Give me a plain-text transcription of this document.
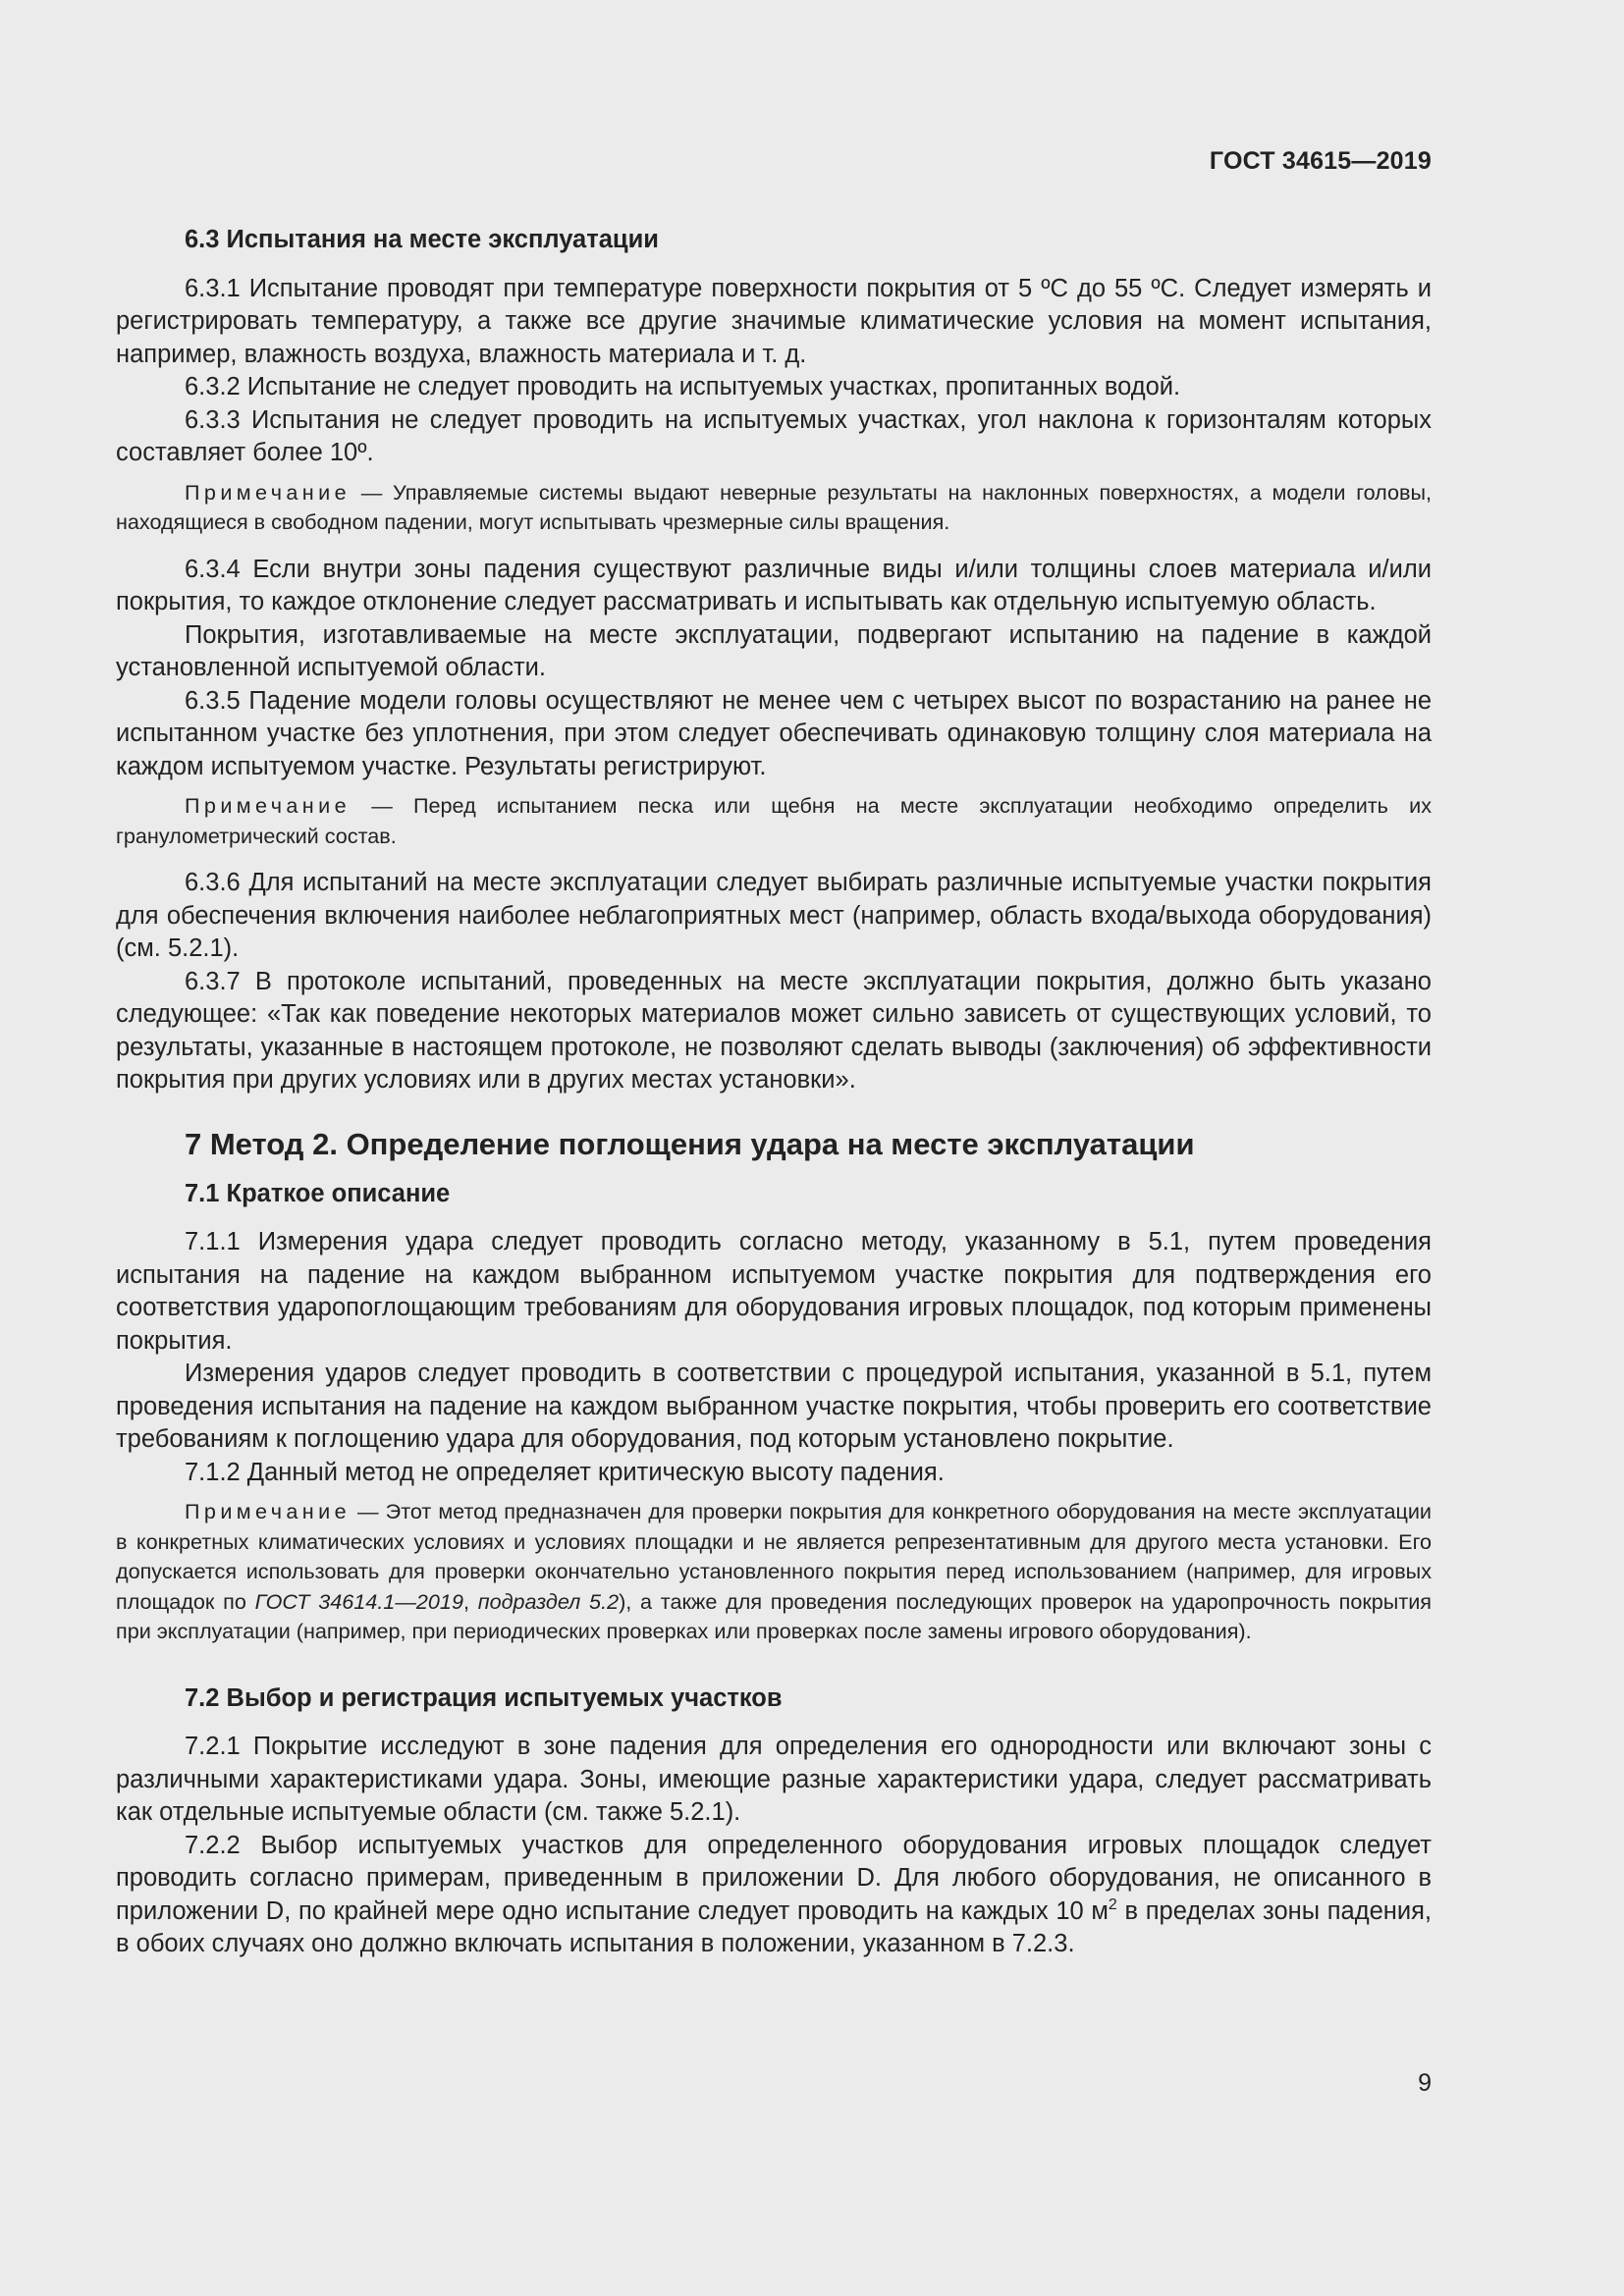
ГОСТ 34615—2019

6.3 Испытания на месте эксплуатации

6.3.1 Испытание проводят при температуре поверхности покрытия от 5 ºС до 55 ºС. Следует измерять и регистрировать температуру, а также все другие значимые климатические условия на момент испытания, например, влажность воздуха, влажность материала и т. д.

6.3.2 Испытание не следует проводить на испытуемых участках, пропитанных водой.

6.3.3 Испытания не следует проводить на испытуемых участках, угол наклона к горизонталям которых составляет более 10º.

Примечание — Управляемые системы выдают неверные результаты на наклонных поверхностях, а модели головы, находящиеся в свободном падении, могут испытывать чрезмерные силы вращения.

6.3.4 Если внутри зоны падения существуют различные виды и/или толщины слоев материала и/или покрытия, то каждое отклонение следует рассматривать и испытывать как отдельную испытуемую область.

Покрытия, изготавливаемые на месте эксплуатации, подвергают испытанию на падение в каждой установленной испытуемой области.

6.3.5 Падение модели головы осуществляют не менее чем с четырех высот по возрастанию на ранее не испытанном участке без уплотнения, при этом следует обеспечивать одинаковую толщину слоя материала на каждом испытуемом участке. Результаты регистрируют.

Примечание — Перед испытанием песка или щебня на месте эксплуатации необходимо определить их гранулометрический состав.

6.3.6 Для испытаний на месте эксплуатации следует выбирать различные испытуемые участки покрытия для обеспечения включения наиболее неблагоприятных мест (например, область входа/выхода оборудования) (см. 5.2.1).

6.3.7 В протоколе испытаний, проведенных на месте эксплуатации покрытия, должно быть указано следующее: «Так как поведение некоторых материалов может сильно зависеть от существующих условий, то результаты, указанные в настоящем протоколе, не позволяют сделать выводы (заключения) об эффективности покрытия при других условиях или в других местах установки».

7 Метод 2. Определение поглощения удара на месте эксплуатации

7.1 Краткое описание

7.1.1 Измерения удара следует проводить согласно методу, указанному в 5.1, путем проведения испытания на падение на каждом выбранном испытуемом участке покрытия для подтверждения его соответствия ударопоглощающим требованиям для оборудования игровых площадок, под которым применены покрытия.

Измерения ударов следует проводить в соответствии с процедурой испытания, указанной в 5.1, путем проведения испытания на падение на каждом выбранном участке покрытия, чтобы проверить его соответствие требованиям к поглощению удара для оборудования, под которым установлено покрытие.

7.1.2 Данный метод не определяет критическую высоту падения.

Примечание — Этот метод предназначен для проверки покрытия для конкретного оборудования на месте эксплуатации в конкретных климатических условиях и условиях площадки и не является репрезентативным для другого места установки. Его допускается использовать для проверки окончательно установленного покрытия перед использованием (например, для игровых площадок по ГОСТ 34614.1—2019, подраздел 5.2), а также для проведения последующих проверок на ударопрочность покрытия при эксплуатации (например, при периодических проверках или проверках после замены игрового оборудования).

7.2 Выбор и регистрация испытуемых участков

7.2.1 Покрытие исследуют в зоне падения для определения его однородности или включают зоны с различными характеристиками удара. Зоны, имеющие разные характеристики удара, следует рассматривать как отдельные испытуемые области (см. также 5.2.1).

7.2.2 Выбор испытуемых участков для определенного оборудования игровых площадок следует проводить согласно примерам, приведенным в приложении D. Для любого оборудования, не описанного в приложении D, по крайней мере одно испытание следует проводить на каждых 10 $м^2$ в пределах зоны падения, в обоих случаях оно должно включать испытания в положении, указанном в 7.2.3.

9
